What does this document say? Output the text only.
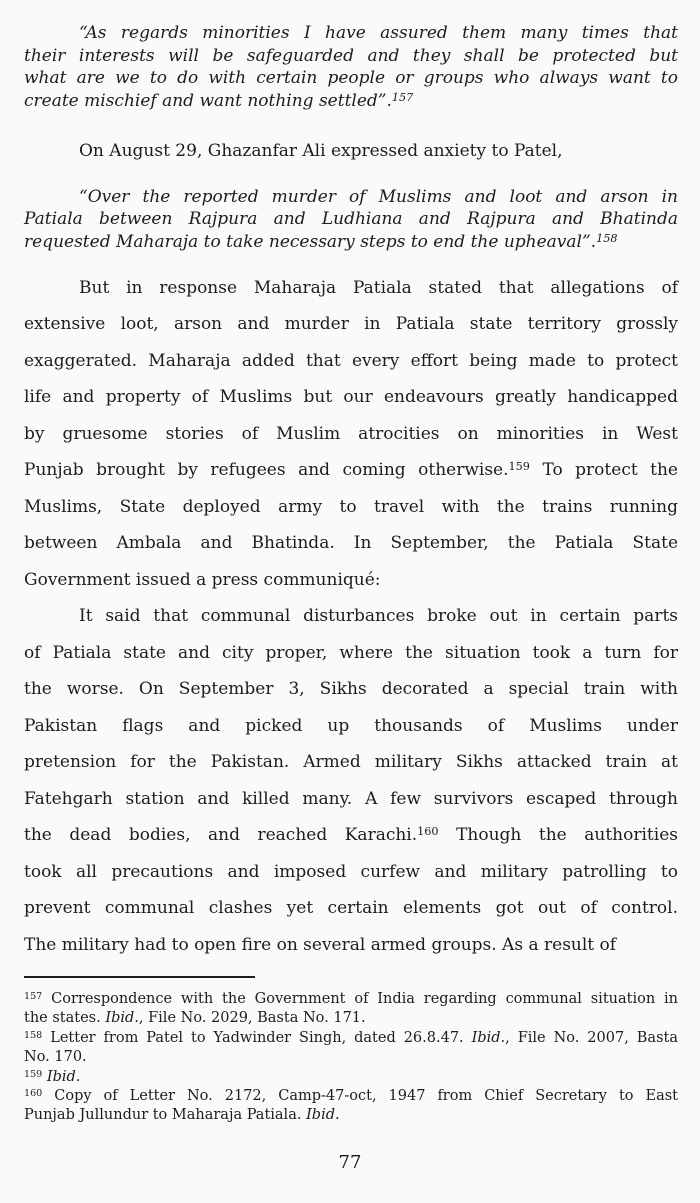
“As regards minorities I have assured them many times that
their interests will be safeguarded and they shall be protected but
what are we to do with certain people or groups who always want to
create mischief and want nothing settled”.$^{157}$
On August 29, Ghazanfar Ali expressed anxiety to Patel,
“Over the reported murder of Muslims and loot and arson in
Patiala between Rajpura and Ludhiana and Rajpura and Bhatinda
requested Maharaja to take necessary steps to end the upheaval”.$^{158}$
But in response Maharaja Patiala stated that allegations of
extensive loot, arson and murder in Patiala state territory grossly
exaggerated. Maharaja added that every effort being made to protect
life and property of Muslims but our endeavours greatly handicapped
by gruesome stories of Muslim atrocities on minorities in West
Punjab brought by refugees and coming otherwise.$^{159}$ To protect the
Muslims, State deployed army to travel with the trains running
between Ambala and Bhatinda. In September, the Patiala State
Government issued a press communiqué:
It said that communal disturbances broke out in certain parts
of Patiala state and city proper, where the situation took a turn for
the worse. On September 3, Sikhs decorated a special train with
Pakistan flags and picked up thousands of Muslims under
pretension for the Pakistan. Armed military Sikhs attacked train at
Fatehgarh station and killed many. A few survivors escaped through
the dead bodies, and reached Karachi.$^{160}$ Though the authorities
took all precautions and imposed curfew and military patrolling to
prevent communal clashes yet certain elements got out of control.
The military had to open fire on several armed groups. As a result of
$^{157}$ Correspondence with the Government of India regarding communal situation in
the states. Ibid., File No. 2029, Basta No. 171.
$^{158}$ Letter from Patel to Yadwinder Singh, dated 26.8.47. Ibid., File No. 2007, Basta
No. 170.
$^{159}$ Ibid.
$^{160}$ Copy of Letter No. 2172, Camp-47-oct, 1947 from Chief Secretary to East
Punjab Jullundur to Maharaja Patiala. Ibid.
77
